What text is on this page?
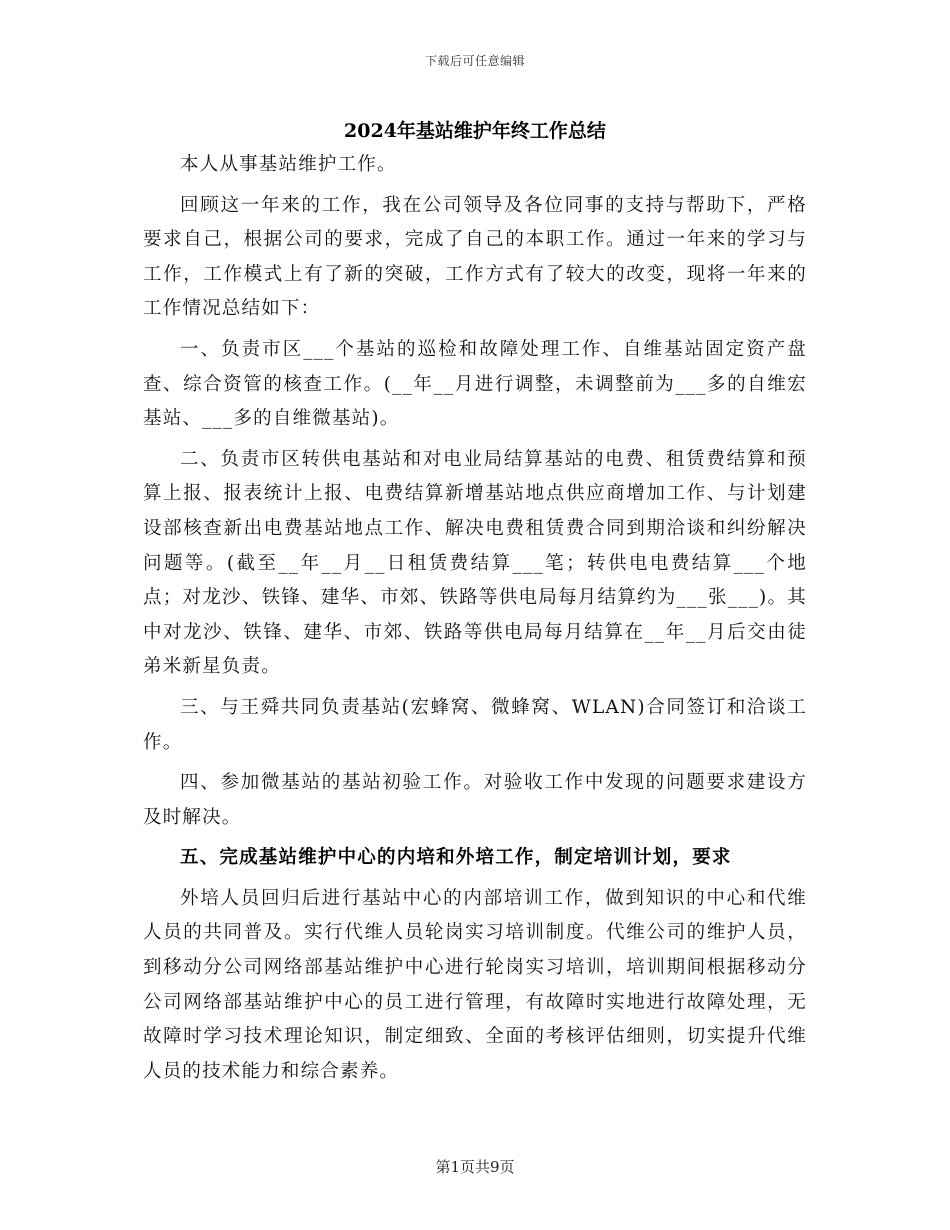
下载后可任意编辑
2024年基站维护年终工作总结

本人从事基站维护工作。

回顾这一年来的工作，我在公司领导及各位同事的支持与帮助下，严格要求自己，根据公司的要求，完成了自己的本职工作。通过一年来的学习与工作，工作模式上有了新的突破，工作方式有了较大的改变，现将一年来的工作情况总结如下：

一、负责市区___个基站的巡检和故障处理工作、自维基站固定资产盘查、综合资管的核查工作。(__年__月进行调整，未调整前为___多的自维宏基站、___多的自维微基站)。

二、负责市区转供电基站和对电业局结算基站的电费、租赁费结算和预算上报、报表统计上报、电费结算新增基站地点供应商增加工作、与计划建设部核查新出电费基站地点工作、解决电费租赁费合同到期洽谈和纠纷解决问题等。(截至__年__月__日租赁费结算___笔；转供电电费结算___个地点；对龙沙、铁锋、建华、市郊、铁路等供电局每月结算约为___张___)。其中对龙沙、铁锋、建华、市郊、铁路等供电局每月结算在__年__月后交由徒弟米新星负责。

三、与王舜共同负责基站(宏蜂窝、微蜂窝、WLAN)合同签订和洽谈工作。

四、参加微基站的基站初验工作。对验收工作中发现的问题要求建设方及时解决。

五、完成基站维护中心的内培和外培工作，制定培训计划，要求

外培人员回归后进行基站中心的内部培训工作，做到知识的中心和代维人员的共同普及。实行代维人员轮岗实习培训制度。代维公司的维护人员，到移动分公司网络部基站维护中心进行轮岗实习培训，培训期间根据移动分公司网络部基站维护中心的员工进行管理，有故障时实地进行故障处理，无故障时学习技术理论知识，制定细致、全面的考核评估细则，切实提升代维人员的技术能力和综合素养。

第1页共9页
